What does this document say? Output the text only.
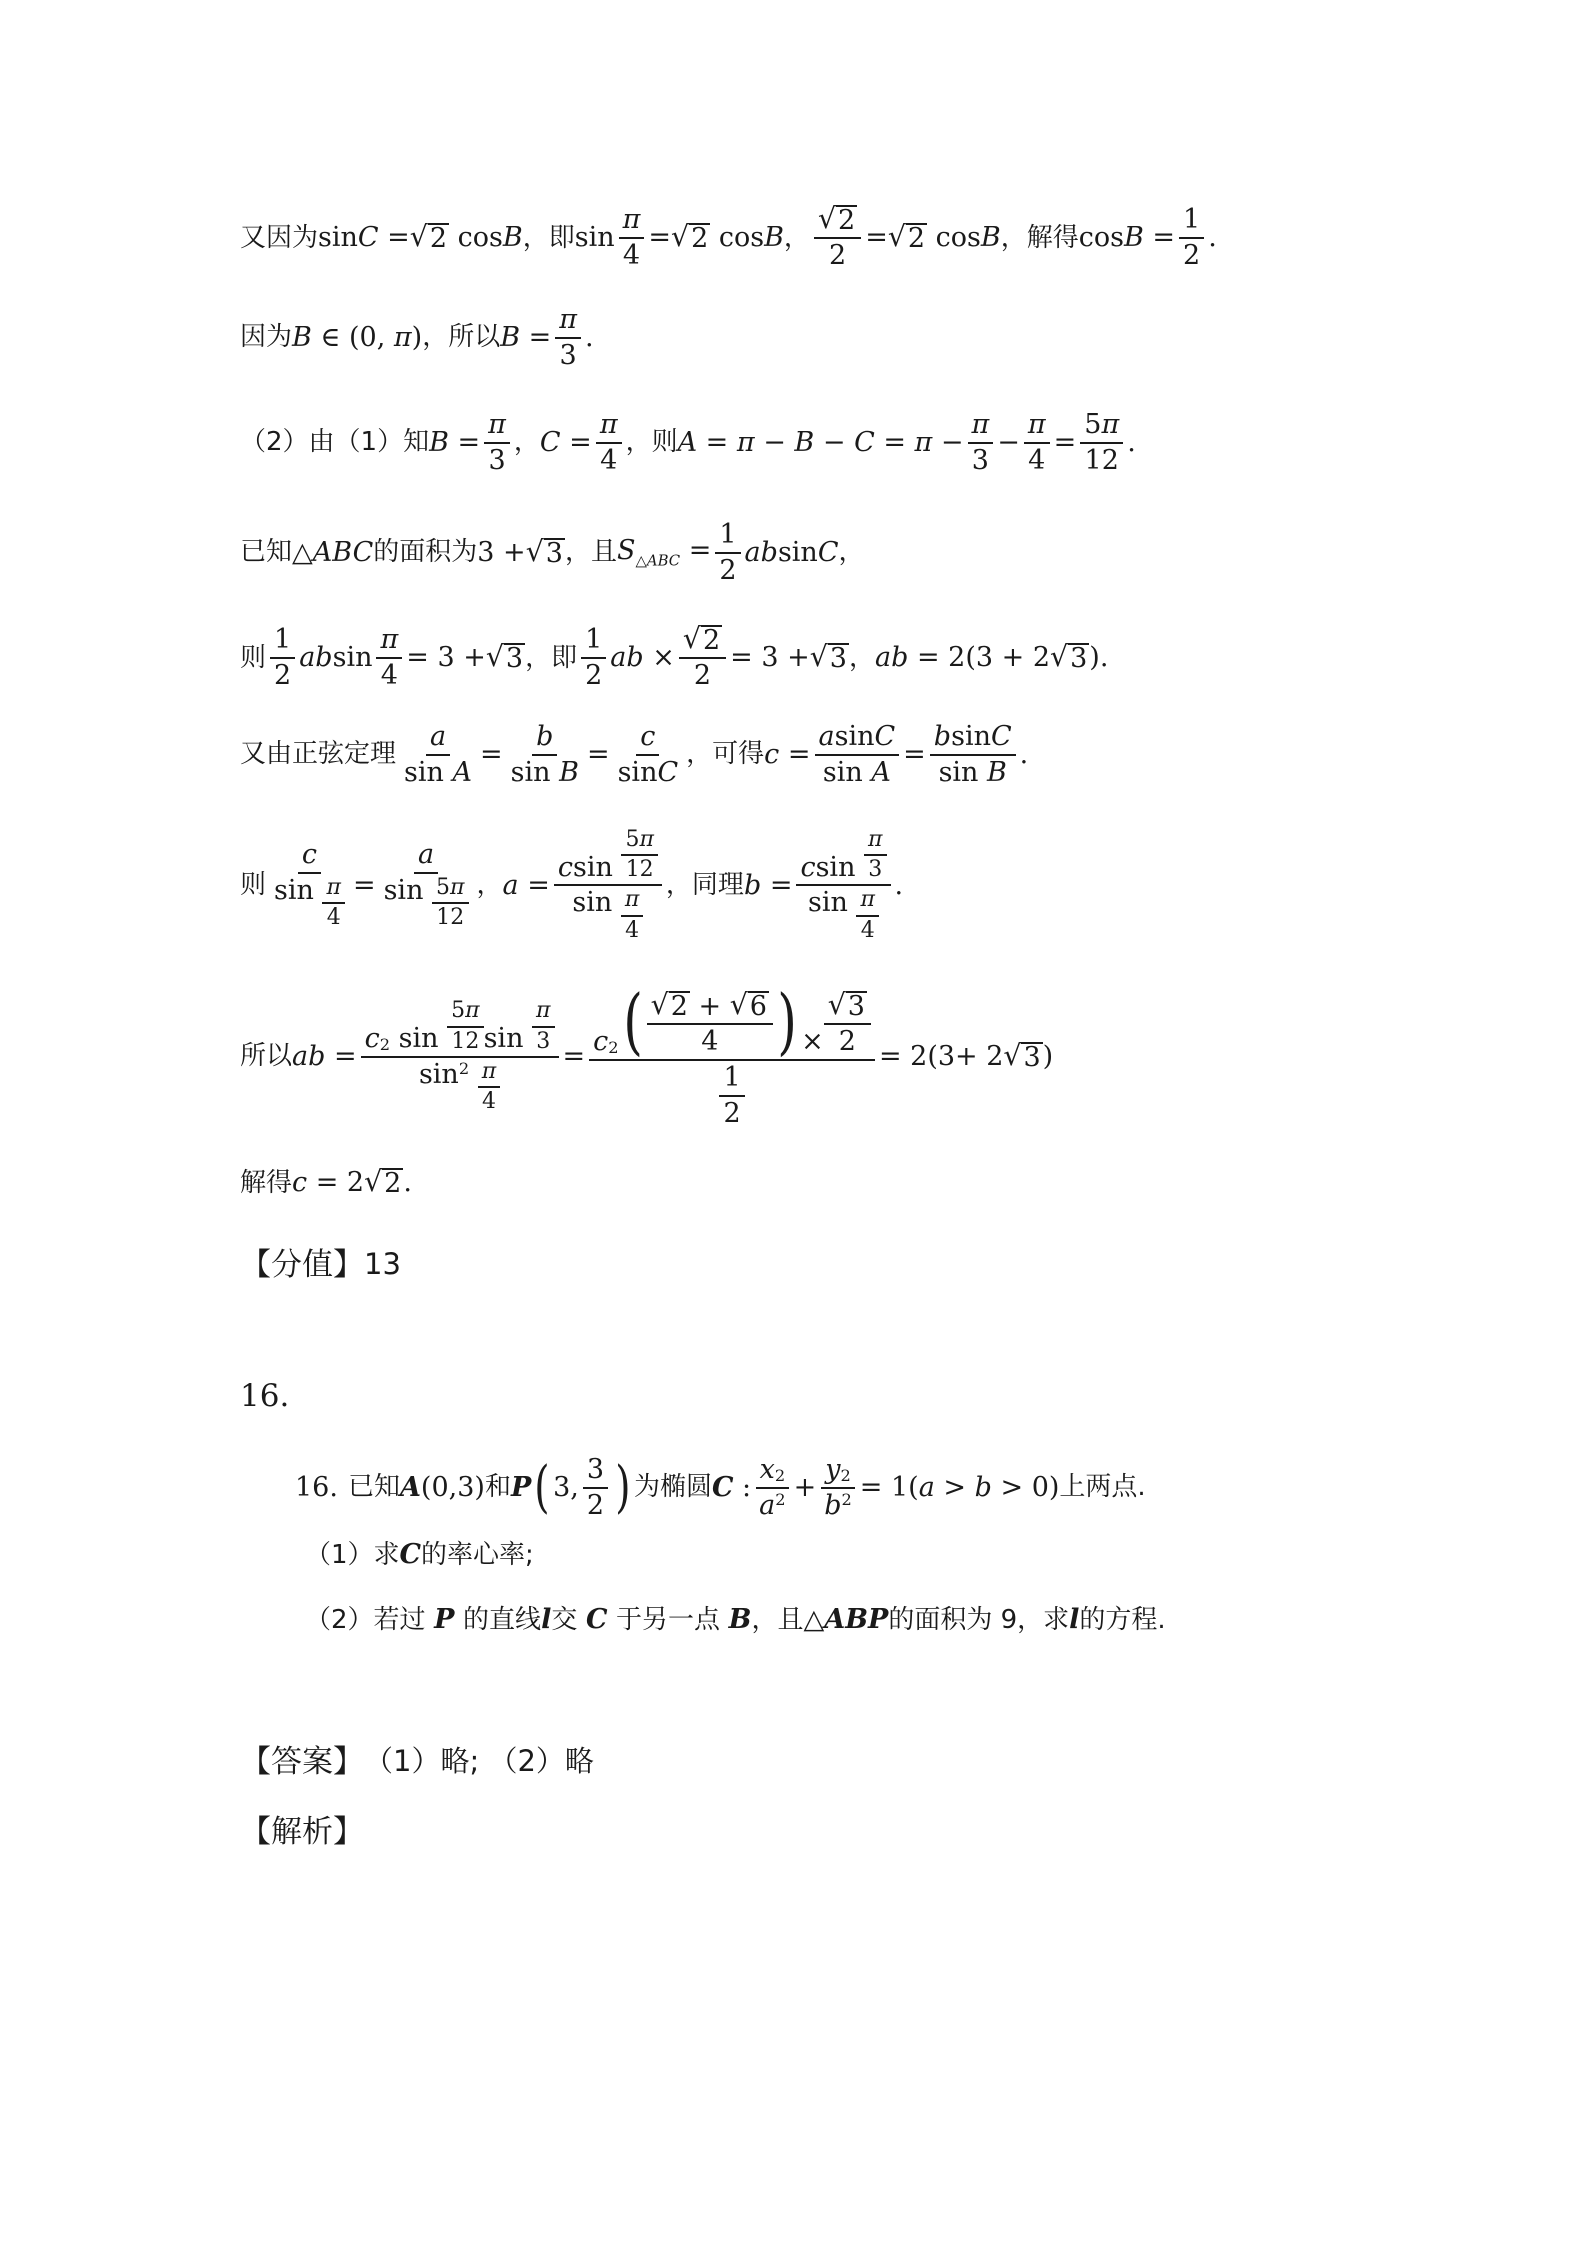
又因为 sinC = √ 2 cosB ，即 $\sin \frac{\pi}{4}$ = √ 2 cosB ， $\frac{√ 2}{2}$ = √ 2 cosB ，解得 $\cos B = \frac{1}{2}$ .
因为 B ∈ (0, π) ，所以 $B = \frac{\pi}{3}$ .
（2）由（1）知 $B = \frac{\pi}{3}$ ， $C = \frac{\pi}{4}$ ，则 $A = \pi - B - C = \pi - \frac{\pi}{3} - \frac{\pi}{4} = \frac{5 \pi}{12}$ .
已知 △ABC 的面积为 3 + √ 3 ，且 $S_{\triangle ABC} = \frac{1}{2}$ absinC ，
则 $\frac{1}{2}$ absin $\frac{\pi}{4} = 3$ + √ 3 ，即 $\frac{1}{2}$ ab × $\frac{√ 2}{2} = 3$ + √ 3 ， ab = 2(3 + 2 √ 3 ).
又由正弦定理 $\frac{a}{\text{sin A}} = \frac{b}{\text{sin B}} = \frac{c}{\text{sin C}}$ ，可得 $c = \frac{\text{a sin C}}{\text{sin A}} = \frac{\text{b sin C}}{\text{sin B}}$ .
则 $\frac{c}{\sin \frac{\pi}{4}} = \frac{a}{\sin \frac{5 \pi}{12}}$ ， $a = \frac{c \sin \frac{5 \pi}{12}}{\sin \frac{\pi}{4}}$ ，同理 $b = \frac{c \sin \frac{\pi}{3}}{\sin \frac{\pi}{4}}$ .
所以 ab = $c_2$ $\sin \frac{5 \pi}{12}$ $\sin \frac{\pi}{3}$
sin 2
$\frac{\pi}{4} = \frac{c_2 ( \frac{√ 2 + √ 6}{4} ) \times \frac{√ 3}{2}}{\frac{1}{2}} = 2(3+ 2$ √ 3 )
解得 c = 2 √ 2 .
【分值】 13
16.
16. 已知 A(0,3) 和 P ( 3, $\frac{3}{2}$ ) 为椭圆 C : $\frac{x_2}{a^2} + \frac{y_2}{b^2} = 1(a > b > 0)$ 上两点.
（1）求 C 的率心率;
（2）若过 P 的直线 l 交 C 于另一点 B ，且 △ABP 的面积为 9，求 l 的方程.
【答案】 （1）略; （2）略
【解析】
